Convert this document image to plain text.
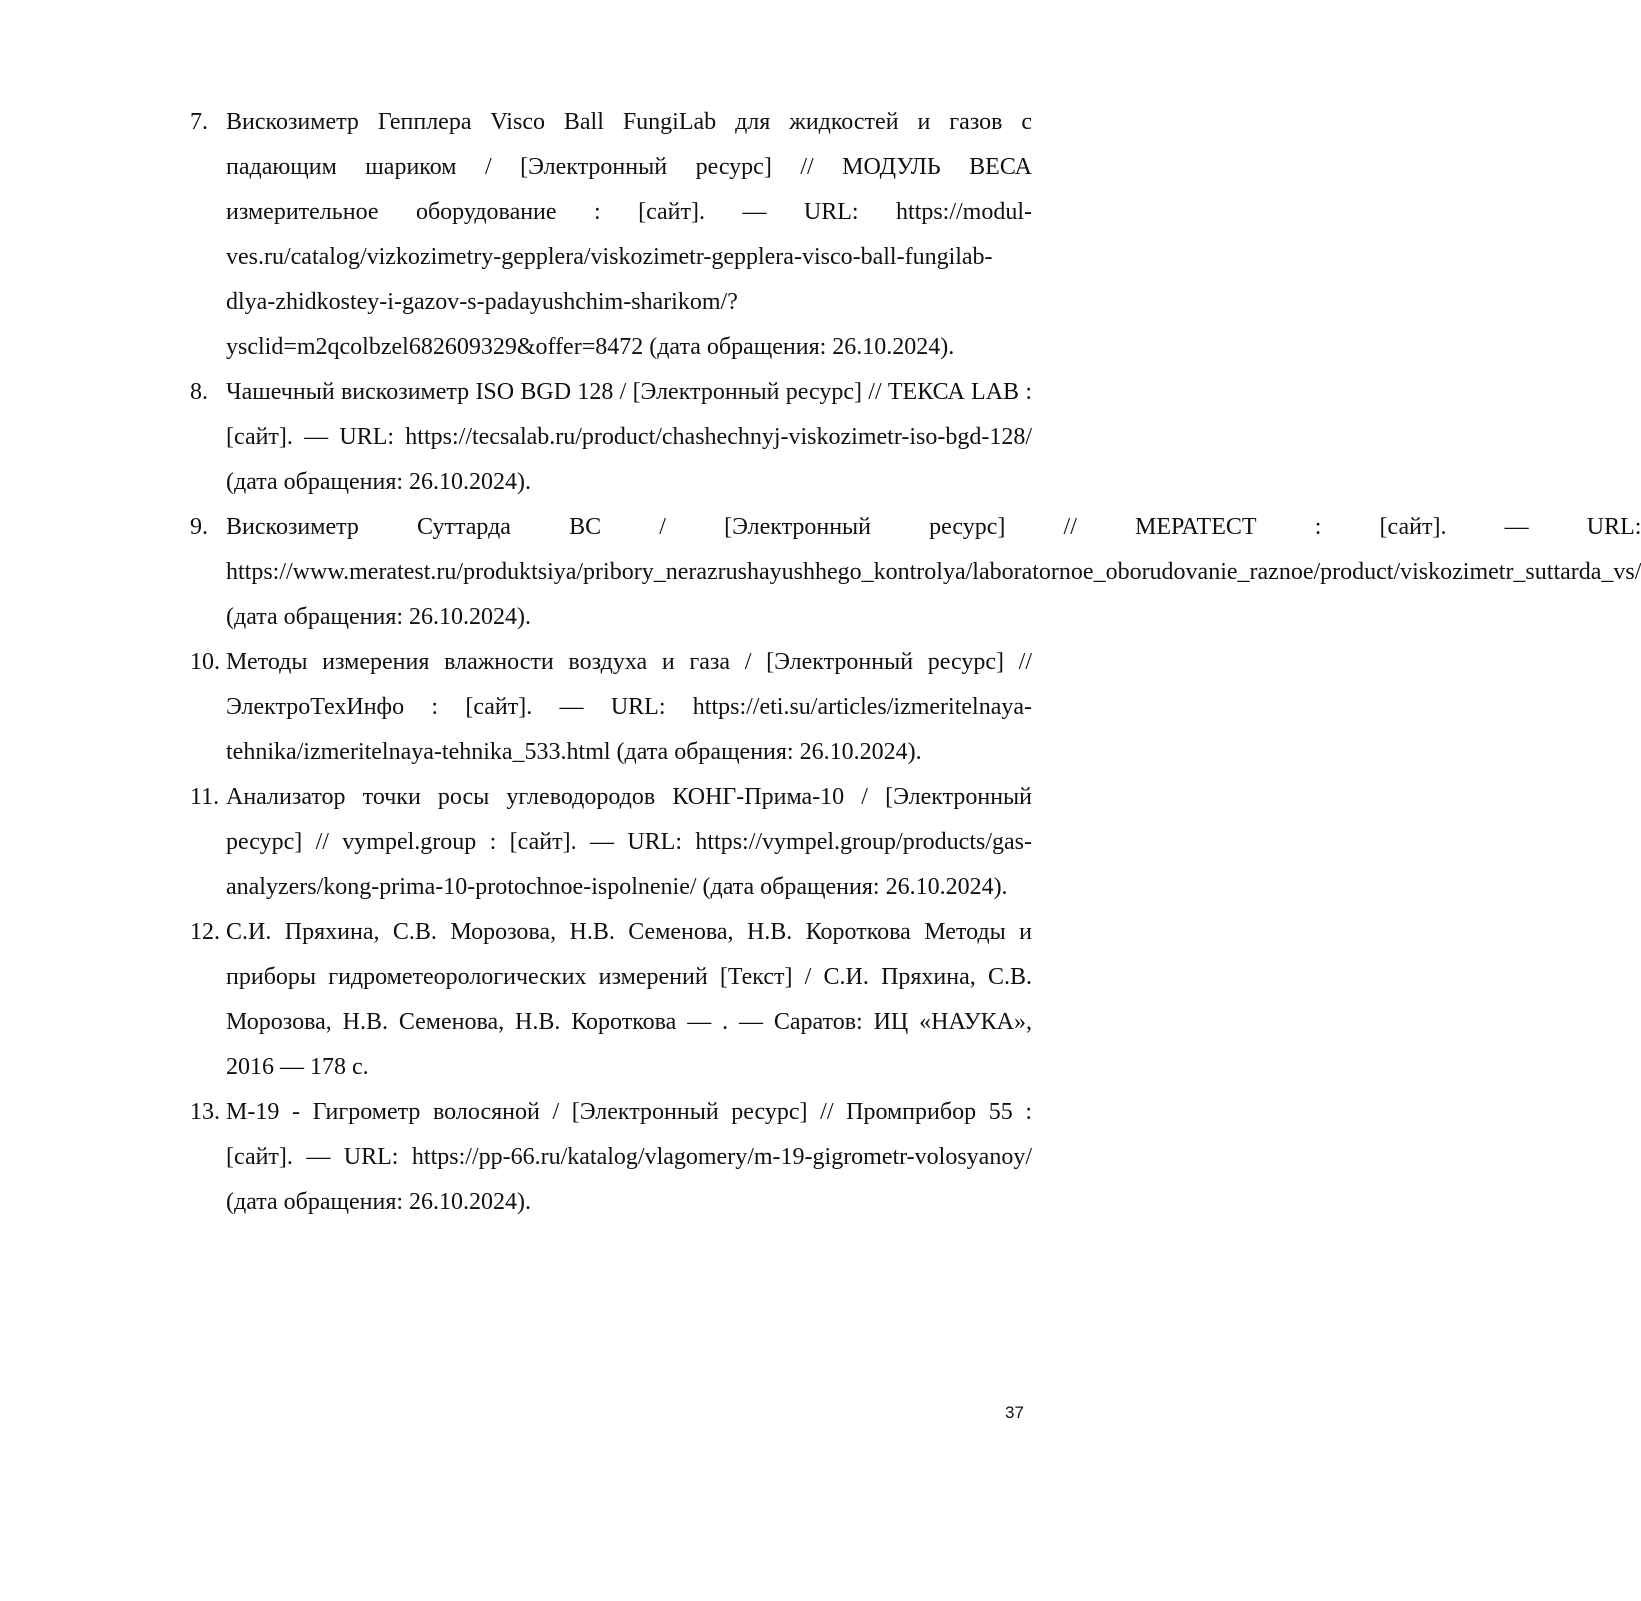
7. Вискозиметр Гепплера Visco Ball FungiLab для жидкостей и газов с падающим шариком / [Электронный ресурс] // МОДУЛЬ ВЕСА измерительное оборудование : [сайт]. — URL: https://modul-ves.ru/catalog/vizkozimetry-gepplera/viskozimetr-gepplera-visco-ball-fungilab-dlya-zhidkostey-i-gazov-s-padayushchim-sharikom/?ysclid=m2qcolbzel682609329&offer=8472 (дата обращения: 26.10.2024).
8. Чашечный вискозиметр ISO BGD 128 / [Электронный ресурс] // ТЕКСА LAB : [сайт]. — URL: https://tecsalab.ru/product/chashechnyj-viskozimetr-iso-bgd-128/ (дата обращения: 26.10.2024).
9. Вискозиметр Суттарда ВС / [Электронный ресурс] // МЕРАТЕСТ : [сайт]. — URL: https://www.meratest.ru/produktsiya/pribory_nerazrushayushhego_kontrolya/laboratornoe_oborudovanie_raznoe/product/viskozimetr_suttarda_vs/ (дата обращения: 26.10.2024).
10. Методы измерения влажности воздуха и газа / [Электронный ресурс] // ЭлектроТехИнфо : [сайт]. — URL: https://eti.su/articles/izmeritelnaya-tehnika/izmeritelnaya-tehnika_533.html (дата обращения: 26.10.2024).
11. Анализатор точки росы углеводородов КОНГ-Прима-10 / [Электронный ресурс] // vympel.group : [сайт]. — URL: https://vympel.group/products/gas-analyzers/kong-prima-10-protochnoe-ispolnenie/ (дата обращения: 26.10.2024).
12. С.И. Пряхина, С.В. Морозова, Н.В. Семенова, Н.В. Короткова Методы и приборы гидрометеорологических измерений [Текст] / С.И. Пряхина, С.В. Морозова, Н.В. Семенова, Н.В. Короткова — . — Саратов: ИЦ «НАУКА», 2016 — 178 с.
13. М-19 - Гигрометр волосяной / [Электронный ресурс] // Промприбор 55 : [сайт]. — URL: https://pp-66.ru/katalog/vlagomery/m-19-gigrometr-volosyanoy/ (дата обращения: 26.10.2024).
37
